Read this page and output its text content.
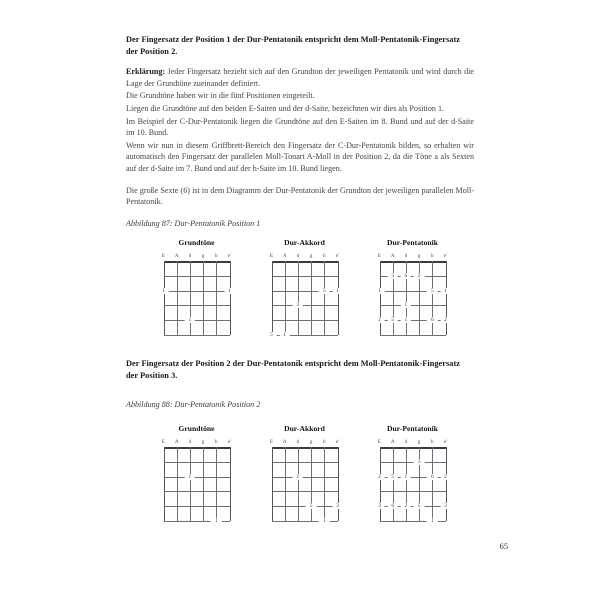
Der Fingersatz der Position 1 der Dur-Pentatonik entspricht dem Moll-Pentatonik-Fingersatz der Position 2.

Erklärung: Jeder Fingersatz bezieht sich auf den Grundton der jeweiligen Pentatonik und wird durch die Lage der Grundtöne zueinander definiert.

Die Grundtöne haben wir in die fünf Positionen eingeteilt.

Liegen die Grundtöne auf den beiden E-Saiten und der d-Saite, bezeichnen wir dies als Position 1.

Im Beispiel der C-Dur-Pentatonik liegen die Grundtöne auf den E-Saiten im 8. Bund und auf der d-Saite im 10. Bund.

Wenn wir nun in diesem Griffbrett-Bereich den Fingersatz der C-Dur-Pentatonik bilden, so erhalten wir automatisch den Fingersatz der parallelen Moll-Tonart A-Moll in der Position 2, da die Töne a als Sexten auf der d-Saite im 7. Bund und auf der h-Saite im 10. Bund liegen.

Die große Sexte (6) ist in dem Diagramm der Dur-Pentatonik der Grundton der jeweiligen parallelen Moll-Pentatonik.

Abbildung 87: Dur-Pentatonik Position 1

Grundtöne
E	A	d	g	h	e'
1	1
1
Dur-Akkord
E	A	d	g	h	e'
5	1
3
5	1
Dur-Pentatonik
E	A	d	g	h	e'
3	6	2
1	5	1
1
2	5	1	6	2

Der Fingersatz der Position 2 der Dur-Pentatonik entspricht dem Moll-Pentatonik-Fingersatz der Position 3.

Abbildung 88: Dur-Pentatonik Position 2

Grundtöne
E	A	d	g	h	e'
1
1
Dur-Akkord
E	A	d	g	h	e'
1
5	3
1
Dur-Pentatonik
E	A	d	g	h	e'
3
2	5	1	6	2
3	6	2	5	3
1
65
